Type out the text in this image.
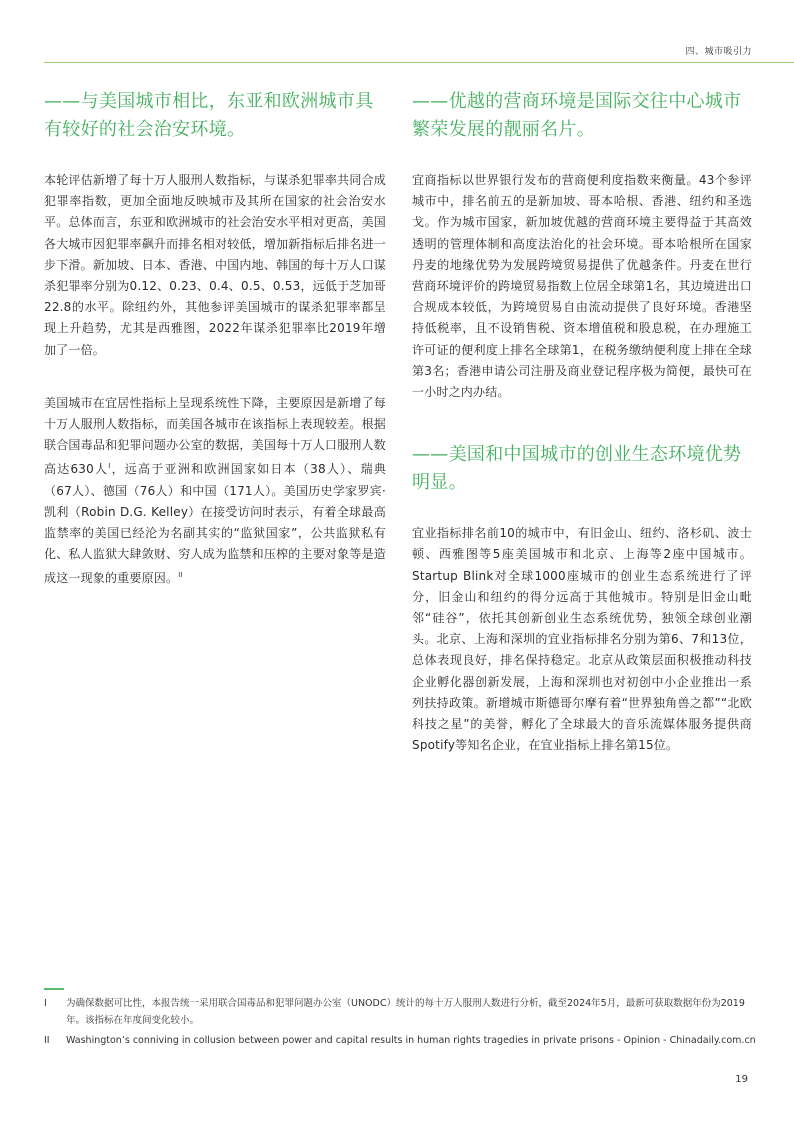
四、城市吸引力
——与美国城市相比，东亚和欧洲城市具有较好的社会治安环境。

本轮评估新增了每十万人服刑人数指标，与谋杀犯罪率共同合成犯罪率指数，更加全面地反映城市及其所在国家的社会治安水平。总体而言，东亚和欧洲城市的社会治安水平相对更高，美国各大城市因犯罪率飙升而排名相对较低，增加新指标后排名进一步下滑。新加坡、日本、香港、中国内地、韩国的每十万人口谋杀犯罪率分别为0.12、0.23、0.4、0.5、0.53，远低于芝加哥22.8的水平。除纽约外，其他参评美国城市的谋杀犯罪率都呈现上升趋势，尤其是西雅图，2022年谋杀犯罪率比2019年增加了一倍。

美国城市在宜居性指标上呈现系统性下降，主要原因是新增了每十万人服刑人数指标，而美国各城市在该指标上表现较差。根据联合国毒品和犯罪问题办公室的数据，美国每十万人口服刑人数高达630人$^I$，远高于亚洲和欧洲国家如日本（38人）、瑞典（67人）、德国（76人）和中国（171人）。美国历史学家罗宾·凯利（Robin D.G. Kelley）在接受访问时表示，有着全球最高监禁率的美国已经沦为名副其实的“监狱国家”，公共监狱私有化、私人监狱大肆敛财、穷人成为监禁和压榨的主要对象等是造成这一现象的重要原因。$^{II}$

——优越的营商环境是国际交往中心城市繁荣发展的靓丽名片。

宜商指标以世界银行发布的营商便利度指数来衡量。43个参评城市中，排名前五的是新加坡、哥本哈根、香港、纽约和圣选戈。作为城市国家，新加坡优越的营商环境主要得益于其高效透明的管理体制和高度法治化的社会环境。哥本哈根所在国家丹麦的地缘优势为发展跨境贸易提供了优越条件。丹麦在世行营商环境评价的跨境贸易指数上位居全球第1名，其边境进出口合规成本较低，为跨境贸易自由流动提供了良好环境。香港坚持低税率，且不设销售税、资本增值税和股息税，在办理施工许可证的便利度上排名全球第1，在税务缴纳便利度上排在全球第3名；香港申请公司注册及商业登记程序极为简便，最快可在一小时之内办结。

——美国和中国城市的创业生态环境优势明显。

宜业指标排名前10的城市中，有旧金山、纽约、洛杉矶、波士顿、西雅图等5座美国城市和北京、上海等2座中国城市。Startup Blink对全球1000座城市的创业生态系统进行了评分，旧金山和纽约的得分远高于其他城市。特别是旧金山毗邻“硅谷”，依托其创新创业生态系统优势，独领全球创业潮头。北京、上海和深圳的宜业指标排名分别为第6、7和13位，总体表现良好，排名保持稳定。北京从政策层面积极推动科技企业孵化器创新发展，上海和深圳也对初创中小企业推出一系列扶持政策。新增城市斯德哥尔摩有着“世界独角兽之都”“北欧科技之星”的美誉，孵化了全球最大的音乐流媒体服务提供商Spotify等知名企业，在宜业指标上排名第15位。

I	为确保数据可比性，本报告统一采用联合国毒品和犯罪问题办公室（UNODC）统计的每十万人服刑人数进行分析，截至2024年5月，最新可获取数据年份为2019年。该指标在年度间变化较小。
II	Washington’s conniving in collusion between power and capital results in human rights tragedies in private prisons - Opinion - Chinadaily.com.cn
19
